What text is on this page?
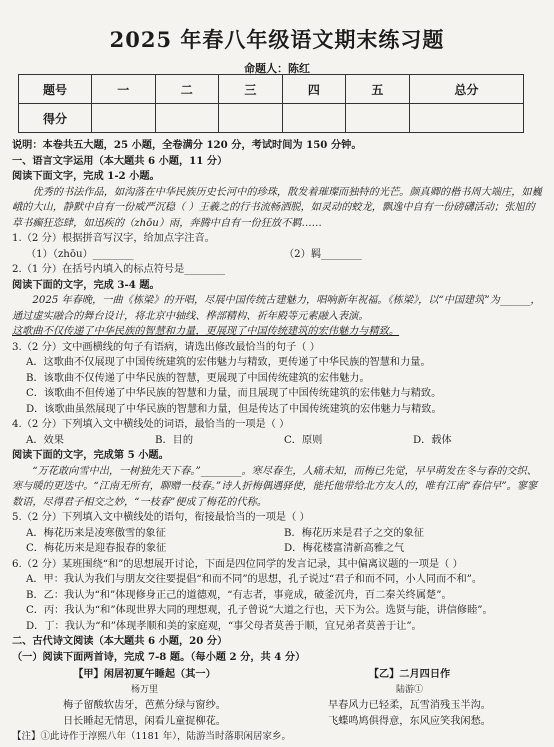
2025 年春八年级语文期末练习题
命题人：陈红
题号	一	二	三	四	五	总分
得分						

说明：本卷共五大题，25 小题，全卷满分 120 分，考试时间为 150 分钟。

一、语言文字运用（本大题共 6 小题，11 分）

阅读下面文字，完成 1-2 小题。

优秀的书法作品，如沟落在中华民族历史长河中的珍珠，散发着璀璨而独特的光芒。颜真卿的楷书周大端庄，如巍峨的大山，静默中自有一份威严沉稳（ ）王羲之的行书流畅洒脱，如灵动的蛟龙，飘逸中自有一份磅礴活动；张旭的草书癫狂恣肆，如迅疾的（zhōu）雨，奔腾中自有一份狂放不羁……

1.（2 分）根据拼音写汉字，给加点字注音。

（1）（zhōu）________	（2）羁________

2.（1 分）在括号内填入的标点符号是________

阅读下面的文字，完成 3-4 题。

2025 年春晚，一曲《栋梁》的开唱，尽展中国传统古建魅力，唱响新年祝福。《栋梁》，以“中国建筑”为______，通过虚实融合的舞台设计，将北京中轴线、桦部精构、祈年殿等元素融入表演。

这歌曲不仅传递了中华民族的智慧和力量，更展现了中国传统建筑的宏伟魅力与精致。

3.（2 分）文中画横线的句子有语病，请选出修改最恰当的句子（ ）

A．这歌曲不仅展现了中国传统建筑的宏伟魅力与精致，更传递了中华民族的智慧和力量。

B．该歌曲不仅传递了中华民族的智慧，更展现了中国传统建筑的宏伟魅力。

C．该歌曲不但传递了中华民族的智慧和力量，而且展现了中国传统建筑的宏伟魅力与精致。

D．该歌曲虽然展现了中华民族的智慧和力量，但是传达了中国传统建筑的宏伟魅力与精致。

4.（2 分）下列填入文中横线处的词语，最恰当的一项是（ ）

A．效果	B．目的	C．原则	D．载体

阅读下面的文字，完成第 5 小题。

“万花敢向雪中出，一树独先天下春。”________。寒尽春生，人痛未知，而梅已先觉，早早萌发在冬与春的交织、寒与暖的更迭中。“江南无所有，聊赠一枝春。”诗人折梅偶遇驿使，能托他带给北方友人的，唯有江南“春信早”。寥寥数语，尽得君子相交之妙，“一枝春”便成了梅花的代称。

5.（2 分）下列填入文中横线处的语句，衔接最恰当的一项是（ ）

A．梅花历来是凌寒傲雪的象征	B．梅花历来是君子之交的象征

C．梅花历来是迎春报春的象征	D．梅花楼富清新高雅之气

6.（2 分）某班围绕“和”的思想展开讨论，下面是四位同学的发言记录，其中偏离议题的一项是（ ）

A．甲：我认为我们与朋友交往要提倡“和而不同”的思想，孔子说过“君子和而不同，小人同而不和”。

B．乙：我认为“和”体现修身正己的道德观，“有志者，事竟成，破釜沉舟，百二秦关终属楚”。

C．丙：我认为“和”体现世界大同的理想观，孔子曾说“大道之行也，天下为公。选贤与能，讲信修睦”。

D．丁：我认为“和”体现孝顺和美的家庭观，“事父母者莫善于顺，宜兄弟者莫善于让”。

二、古代诗文阅读（本大题共 6 小题，20 分）

（一）阅读下面两首诗，完成 7-8 题。（每小题 2 分，共 4 分）

【甲】闲居初夏午睡起（其一）
杨万里
梅子留酸软齿牙，芭蕉分绿与窗纱。
日长睡起无情思，闲看儿童捉柳花。
【乙】二月四日作
陆游①
早春风力已轻柔，瓦雪消残玉半沟。
飞蝶鸣鸠俱得意，东风应笑我闲愁。

【注】①此诗作于淳熙八年（1181 年），陆游当时落职闲居家乡。
